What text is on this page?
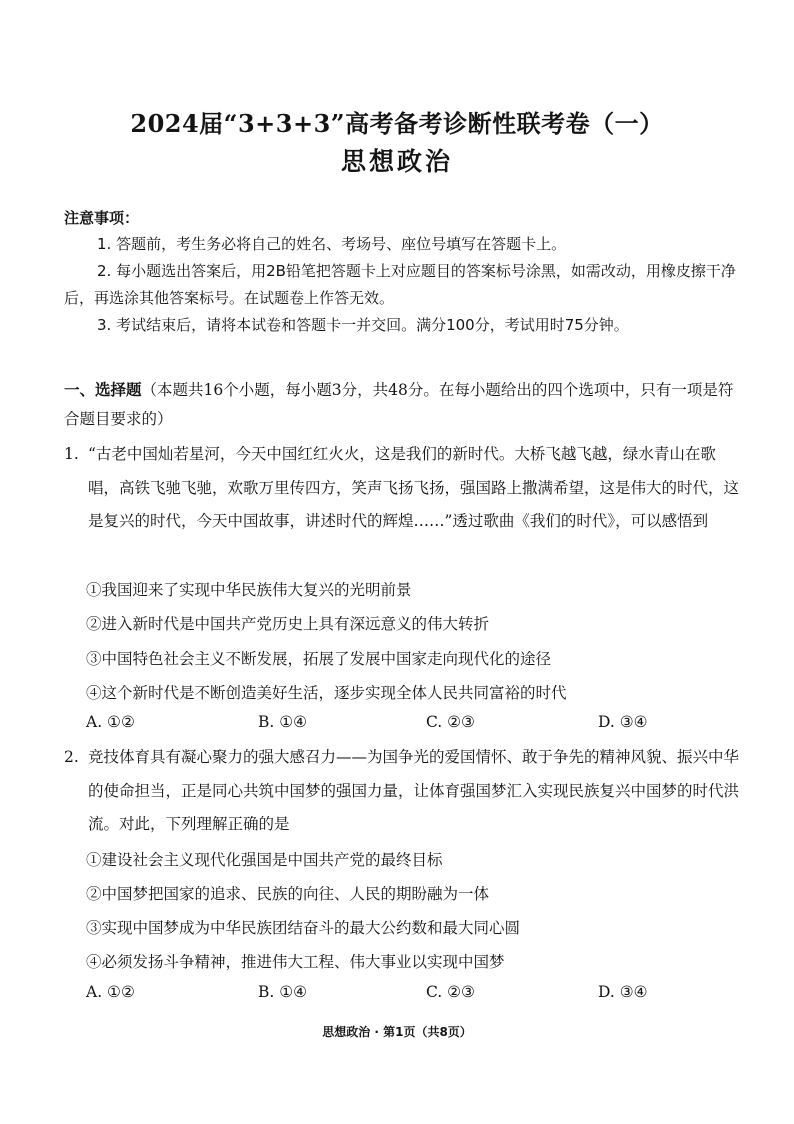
2024届“3+3+3”高考备考诊断性联考卷（一）
思想政治
注意事项：
1. 答题前，考生务必将自己的姓名、考场号、座位号填写在答题卡上。
2. 每小题选出答案后，用2B铅笔把答题卡上对应题目的答案标号涂黑，如需改动，用橡皮擦干净后，再选涂其他答案标号。在试题卷上作答无效。
3. 考试结束后，请将本试卷和答题卡一并交回。满分100分，考试用时75分钟。
一、选择题（本题共16个小题，每小题3分，共48分。在每小题给出的四个选项中，只有一项是符合题目要求的）
1. “古老中国灿若星河，今天中国红红火火，这是我们的新时代。大桥飞越飞越，绿水青山在歌唱，高铁飞驰飞驰，欢歌万里传四方，笑声飞扬飞扬，强国路上撒满希望，这是伟大的时代，这是复兴的时代，今天中国故事，讲述时代的辉煌……”透过歌曲《我们的时代》，可以感悟到
①我国迎来了实现中华民族伟大复兴的光明前景
②进入新时代是中国共产党历史上具有深远意义的伟大转折
③中国特色社会主义不断发展，拓展了发展中国家走向现代化的途径
④这个新时代是不断创造美好生活，逐步实现全体人民共同富裕的时代
A. ①②	B. ①④	C. ②③	D. ③④
2. 竞技体育具有凝心聚力的强大感召力——为国争光的爱国情怀、敢于争先的精神风貌、振兴中华的使命担当，正是同心共筑中国梦的强国力量，让体育强国梦汇入实现民族复兴中国梦的时代洪流。对此，下列理解正确的是
①建设社会主义现代化强国是中国共产党的最终目标
②中国梦把国家的追求、民族的向往、人民的期盼融为一体
③实现中国梦成为中华民族团结奋斗的最大公约数和最大同心圆
④必须发扬斗争精神，推进伟大工程、伟大事业以实现中国梦
A. ①②	B. ①④	C. ②③	D. ③④
思想政治 · 第1页（共8页）
